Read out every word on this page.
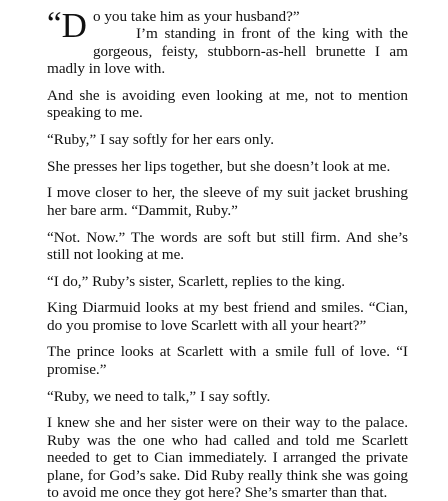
“D o you take him as your husband?”
I’m standing in front of the king with the gorgeous, feisty, stubborn-as-hell brunette I am madly in love with.

And she is avoiding even looking at me, not to mention speaking to me.

“Ruby,” I say softly for her ears only.

She presses her lips together, but she doesn’t look at me.

I move closer to her, the sleeve of my suit jacket brushing her bare arm. “Dammit, Ruby.”

“Not. Now.” The words are soft but still firm. And she’s still not looking at me.

“I do,” Ruby’s sister, Scarlett, replies to the king.

King Diarmuid looks at my best friend and smiles. “Cian, do you promise to love Scarlett with all your heart?”

The prince looks at Scarlett with a smile full of love. “I promise.”

“Ruby, we need to talk,” I say softly.

I knew she and her sister were on their way to the palace. Ruby was the one who had called and told me Scarlett needed to get to Cian immediately. I arranged the private plane, for God’s sake. Did Ruby really think she was going to avoid me once they got here? She’s smarter than that.
